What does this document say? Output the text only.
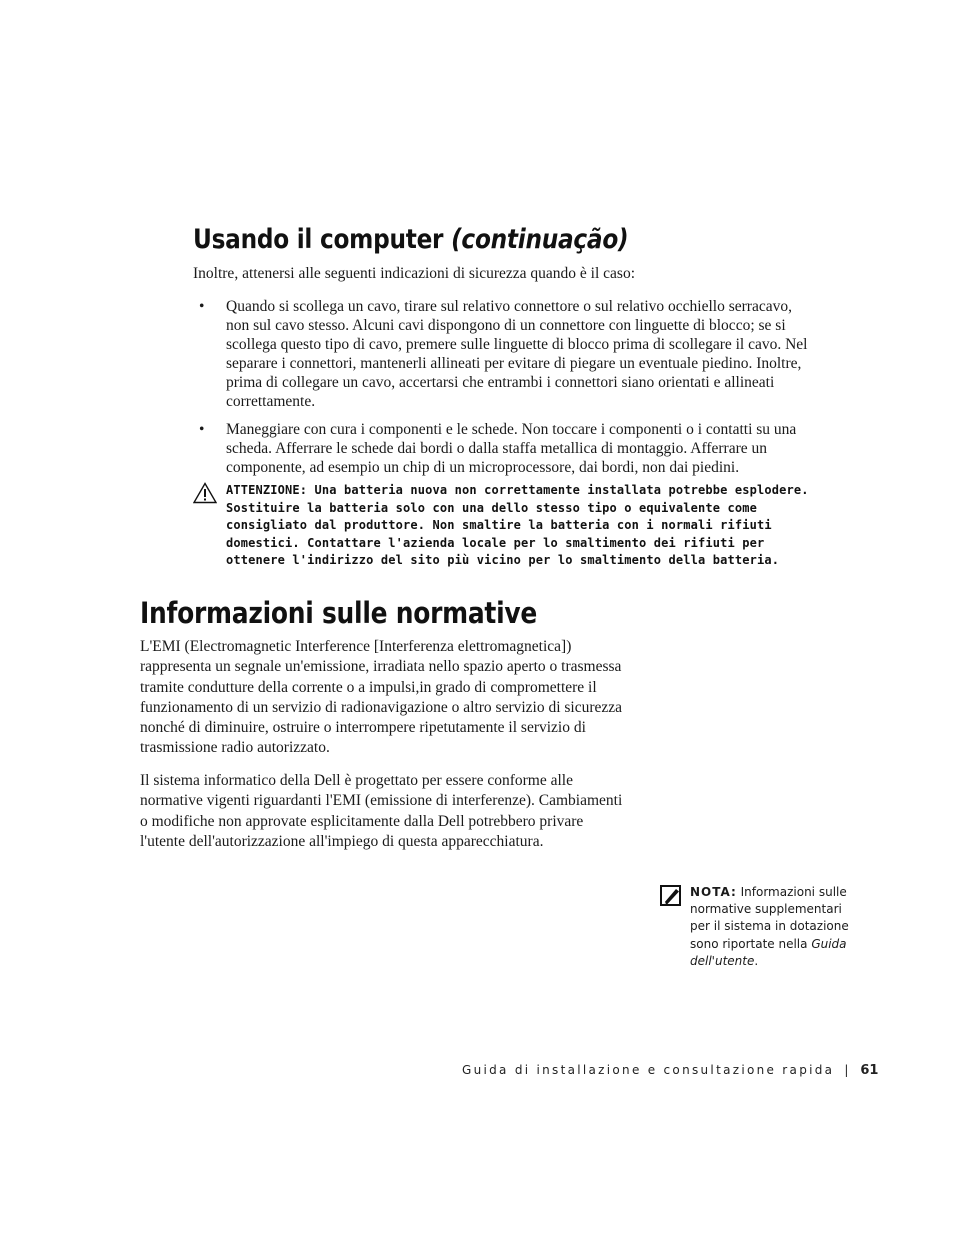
Usando il computer (continuação)
Inoltre, attenersi alle seguenti indicazioni di sicurezza quando è il caso:
• Quando si scollega un cavo, tirare sul relativo connettore o sul relativo occhiello serracavo, non sul cavo stesso. Alcuni cavi dispongono di un connettore con linguette di blocco; se si scollega questo tipo di cavo, premere sulle linguette di blocco prima di scollegare il cavo. Nel separare i connettori, mantenerli allineati per evitare di piegare un eventuale piedino. Inoltre, prima di collegare un cavo, accertarsi che entrambi i connettori siano orientati e allineati correttamente.
• Maneggiare con cura i componenti e le schede. Non toccare i componenti o i contatti su una scheda. Afferrare le schede dai bordi o dalla staffa metallica di montaggio. Afferrare un componente, ad esempio un chip di un microprocessore, dai bordi, non dai piedini.
ATTENZIONE: Una batteria nuova non correttamente installata potrebbe esplodere. Sostituire la batteria solo con una dello stesso tipo o equivalente come consigliato dal produttore. Non smaltire la batteria con i normali rifiuti domestici. Contattare l'azienda locale per lo smaltimento dei rifiuti per ottenere l'indirizzo del sito più vicino per lo smaltimento della batteria.
Informazioni sulle normative

L'EMI (Electromagnetic Interference [Interferenza elettromagnetica]) rappresenta un segnale un'emissione, irradiata nello spazio aperto o trasmessa tramite condutture della corrente o a impulsi,in grado di compromettere il funzionamento di un servizio di radionavigazione o altro servizio di sicurezza nonché di diminuire, ostruire o interrompere ripetutamente il servizio di trasmissione radio autorizzato.

Il sistema informatico della Dell è progettato per essere conforme alle normative vigenti riguardanti l'EMI (emissione di interferenze). Cambiamenti o modifiche non approvate esplicitamente dalla Dell potrebbero privare l'utente dell'autorizzazione all'impiego di questa apparecchiatura.

NOTA: Informazioni sulle normative supplementari per il sistema in dotazione sono riportate nella Guida dell'utente.
Guida di installazione e consultazione rapida | 61
